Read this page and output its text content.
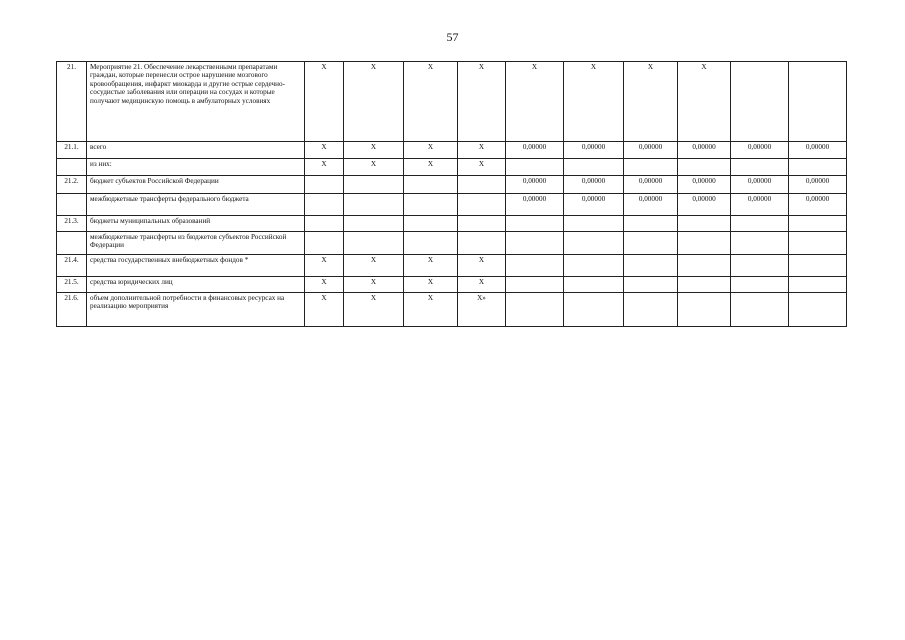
57
21.	Мероприятие 21. Обеспечение лекарственными препаратами граждан, которые перенесли острое нарушение мозгового кровообращения, инфаркт миокарда и другие острые сердечно-сосудистые заболевания или операции на сосудах и которые получают медицинскую помощь в амбулаторных условиях	X	X	X	X	X	X	X	X		
21.1.	всего	X	X	X	X	0,00000	0,00000	0,00000	0,00000	0,00000	0,00000
	из них:	X	X	X	X						
21.2.	бюджет субъектов Российской Федерации					0,00000	0,00000	0,00000	0,00000	0,00000	0,00000
	межбюджетные трансферты федерального бюджета					0,00000	0,00000	0,00000	0,00000	0,00000	0,00000
21.3.	бюджеты муниципальных образований										
	межбюджетные трансферты из бюджетов субъектов Российской Федерации										
21.4.	средства государственных внебюджетных фондов *	X	X	X	X						
21.5.	средства юридических лиц	X	X	X	X						
21.6.	объем дополнительной потребности в финансовых ресурсах на реализацию мероприятия	X	X	X	X»						
